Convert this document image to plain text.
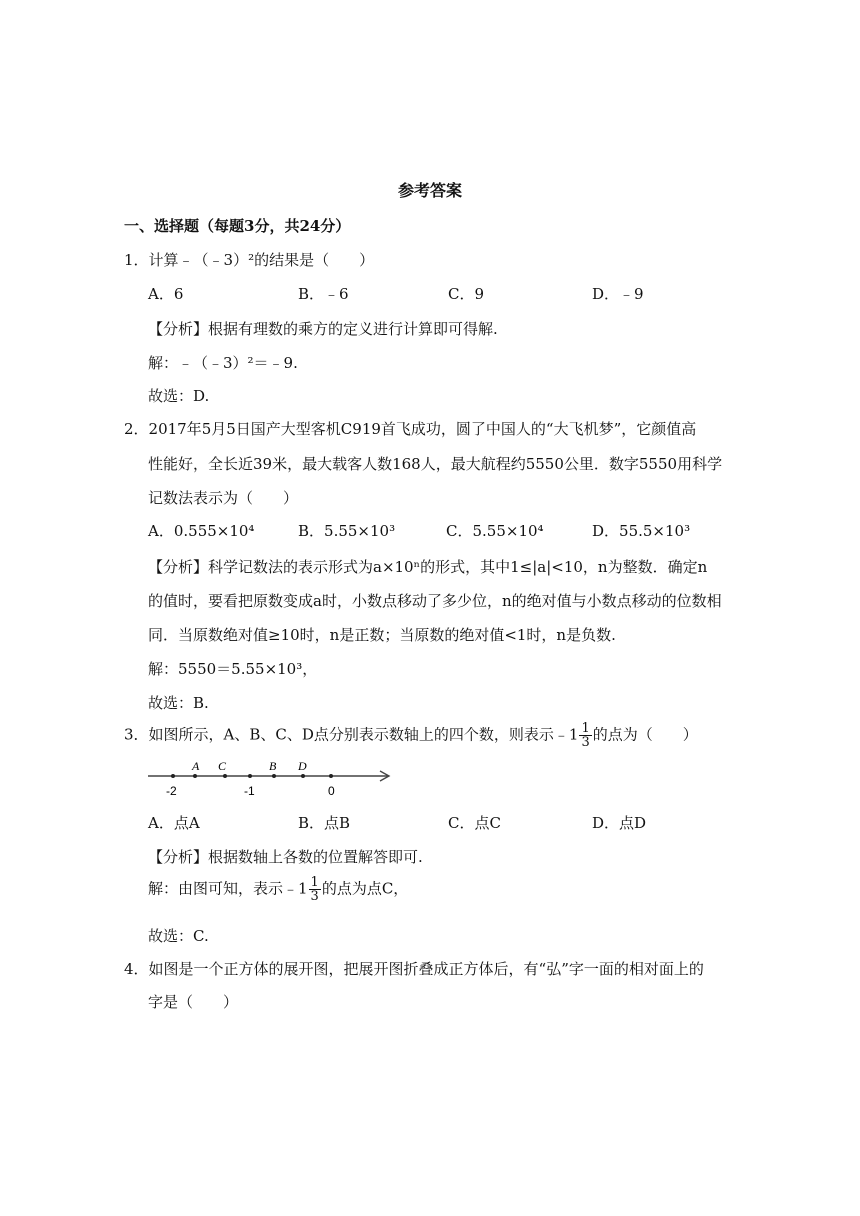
参考答案
一、选择题（每题3分，共24分）
1．计算﹣（﹣3）²的结果是（　　）
A．6	B．﹣6	C．9	D．﹣9
【分析】根据有理数的乘方的定义进行计算即可得解.
解：﹣（﹣3）²＝﹣9.
故选：D.
2．2017年5月5日国产大型客机C919首飞成功，圆了中国人的“大飞机梦”，它颜值高
性能好，全长近39米，最大载客人数168人，最大航程约5550公里．数字5550用科学
记数法表示为（　　）
A．0.555×10⁴	B．5.55×10³	C．5.55×10⁴	D．55.5×10³
【分析】科学记数法的表示形式为a×10ⁿ的形式，其中1≤|a|<10，n为整数．确定n
的值时，要看把原数变成a时，小数点移动了多少位，n的绝对值与小数点移动的位数相
同．当原数绝对值≥10时，n是正数；当原数的绝对值<1时，n是负数.
解：5550＝5.55×10³，
故选：B.
3．如图所示，A、B、C、D点分别表示数轴上的四个数，则表示﹣1 $\frac{1}{3}$ 的点为（　　）
A C	B D
-2	-1	0
A．点A	B．点B	C．点C	D．点D
【分析】根据数轴上各数的位置解答即可.
解：由图可知，表示﹣1 $\frac{1}{3}$ 的点为点C，
故选：C.
4．如图是一个正方体的展开图，把展开图折叠成正方体后，有“弘”字一面的相对面上的
字是（　　）
